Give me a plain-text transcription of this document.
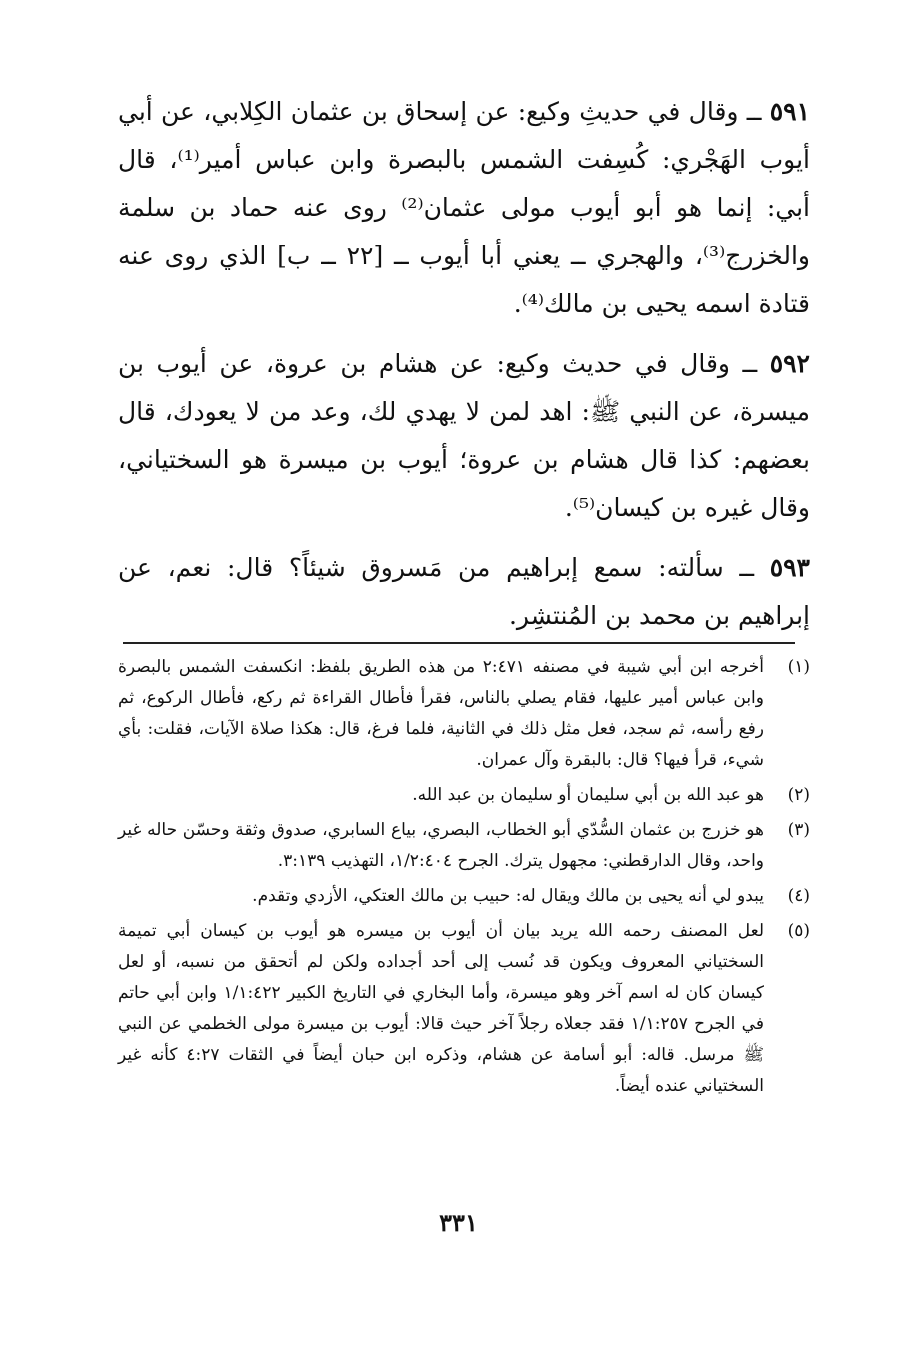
٥٩١ ــ وقال في حديثِ وكيع: عن إسحاق بن عثمان الكِلابي، عن أبي أيوب الهَجْري: كُسِفت الشمس بالبصرة وابن عباس أمير⁽¹⁾، قال أبي: إنما هو أبو أيوب مولى عثمان⁽²⁾ روى عنه حماد بن سلمة والخزرج⁽³⁾، والهجري ــ يعني أبا أيوب ــ [٢٢ ــ ب] الذي روى عنه قتادة اسمه يحيى بن مالك⁽⁴⁾.

٥٩٢ ــ وقال في حديث وكيع: عن هشام بن عروة، عن أيوب بن ميسرة، عن النبي ﷺ: اهد لمن لا يهدي لك، وعد من لا يعودك، قال بعضهم: كذا قال هشام بن عروة؛ أيوب بن ميسرة هو السختياني، وقال غيره بن كيسان⁽⁵⁾.

٥٩٣ ــ سألته: سمع إبراهيم من مَسروق شيئاً؟ قال: نعم، عن إبراهيم بن محمد بن المُنتشِر.

(١)
أخرجه ابن أبي شيبة في مصنفه ٢:٤٧١ من هذه الطريق بلفظ: انكسفت الشمس بالبصرة وابن عباس أمير عليها، فقام يصلي بالناس، فقرأ فأطال القراءة ثم ركع، فأطال الركوع، ثم رفع رأسه، ثم سجد، فعل مثل ذلك في الثانية، فلما فرغ، قال: هكذا صلاة الآيات، فقلت: بأي شيء، قرأ فيها؟ قال: بالبقرة وآل عمران.
(٢)
هو عبد الله بن أبي سليمان أو سليمان بن عبد الله.
(٣)
هو خزرج بن عثمان السُّدّي أبو الخطاب، البصري، بياع السابري، صدوق وثقة وحسّن حاله غير واحد، وقال الدارقطني: مجهول يترك. الجرح ١/٢:٤٠٤، التهذيب ٣:١٣٩.
(٤)
يبدو لي أنه يحيى بن مالك ويقال له: حبيب بن مالك العتكي، الأزدي وتقدم.
(٥)
لعل المصنف رحمه الله يريد بيان أن أيوب بن ميسره هو أيوب بن كيسان أبي تميمة السختياني المعروف ويكون قد نُسب إلى أحد أجداده ولكن لم أتحقق من نسبه، أو لعل كيسان كان له اسم آخر وهو ميسرة، وأما البخاري في التاريخ الكبير ١/١:٤٢٢ وابن أبي حاتم في الجرح ١/١:٢٥٧ فقد جعلاه رجلاً آخر حيث قالا: أيوب بن ميسرة مولى الخطمي عن النبي ﷺ مرسل. قاله: أبو أسامة عن هشام، وذكره ابن حبان أيضاً في الثقات ٤:٢٧ كأنه غير السختياني عنده أيضاً.
٣٣١
